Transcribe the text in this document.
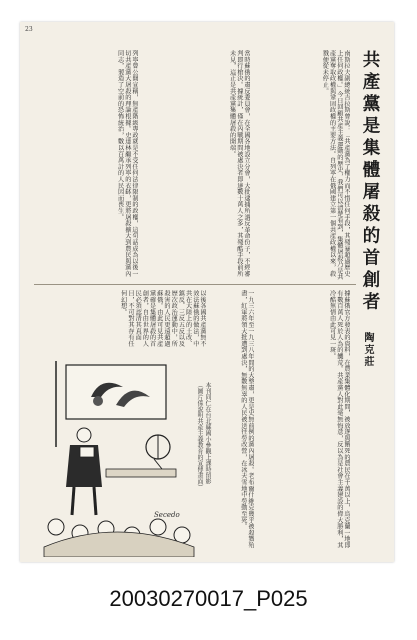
23
共產黨是集體屠殺的首創者
陶克莊
南斯拉夫副總統吉拉斯曾說：「共產黨為了權力而不惜任何手段，其殘暴超過歷史上任何政權。」今日回顧共產主義運動的歷史，我們可以清楚看到，集體屠殺乃是共產黨奪取政權與鞏固政權的主要方法。自列寧在俄國建立第一個共產政權以來，殺戮便從未停止。
當時蘇俄的肅反委員會，在全國各地設立分會，大批逮捕所謂反革命份子，不經審判即行槍決。據統計，僅在內戰期間被處決者即達數十萬人之多，其殘酷手段前所未見，這正是共產黨集體屠殺的開端。
列寧曾公開宣稱，無產階級專政就是不受任何法律限制的政權，這句話成為以後一切共產黨大屠殺的理論根據。史達林繼承列寧的衣缽，更將屠殺擴大到農民與黨內同志，製造了空前的恐怖統治，數以百萬計的人民因而喪生。
據蘇俄官方發表的資料，在農業集體化期間，被放逐與餓死的農民在千萬以上，烏克蘭一地即有數百萬人死於人為的饑荒。共產黨人對此毫無悔意，反以為是社會主義建設的偉大勝利，其冷酷無情由此可見一斑。
一九三六年至一九三八年間的大整肅，更是史無前例的黨內屠殺。老布爾什維克幾乎被殺戮殆盡，紅軍將領大批遭到處決，無數無辜的人民被送往勞改營，在冰天雪地中勞動至死。
以後各國共產黨無不效法蘇俄的做法，中共在大陸上的土改、鎮反、三反五反以及歷次政治運動中，所殺害的人民更遠超過蘇俄。由此可見共產黨確是集體屠殺的首創者，自由世界的人民必須認清其真面目，不可對其存有任何幻想。
Secedo
本刊同仁在台北縣國小參觀上課時留影
（圖片係說明共產主義教育的宣傳畫面）
20030270017_P025
